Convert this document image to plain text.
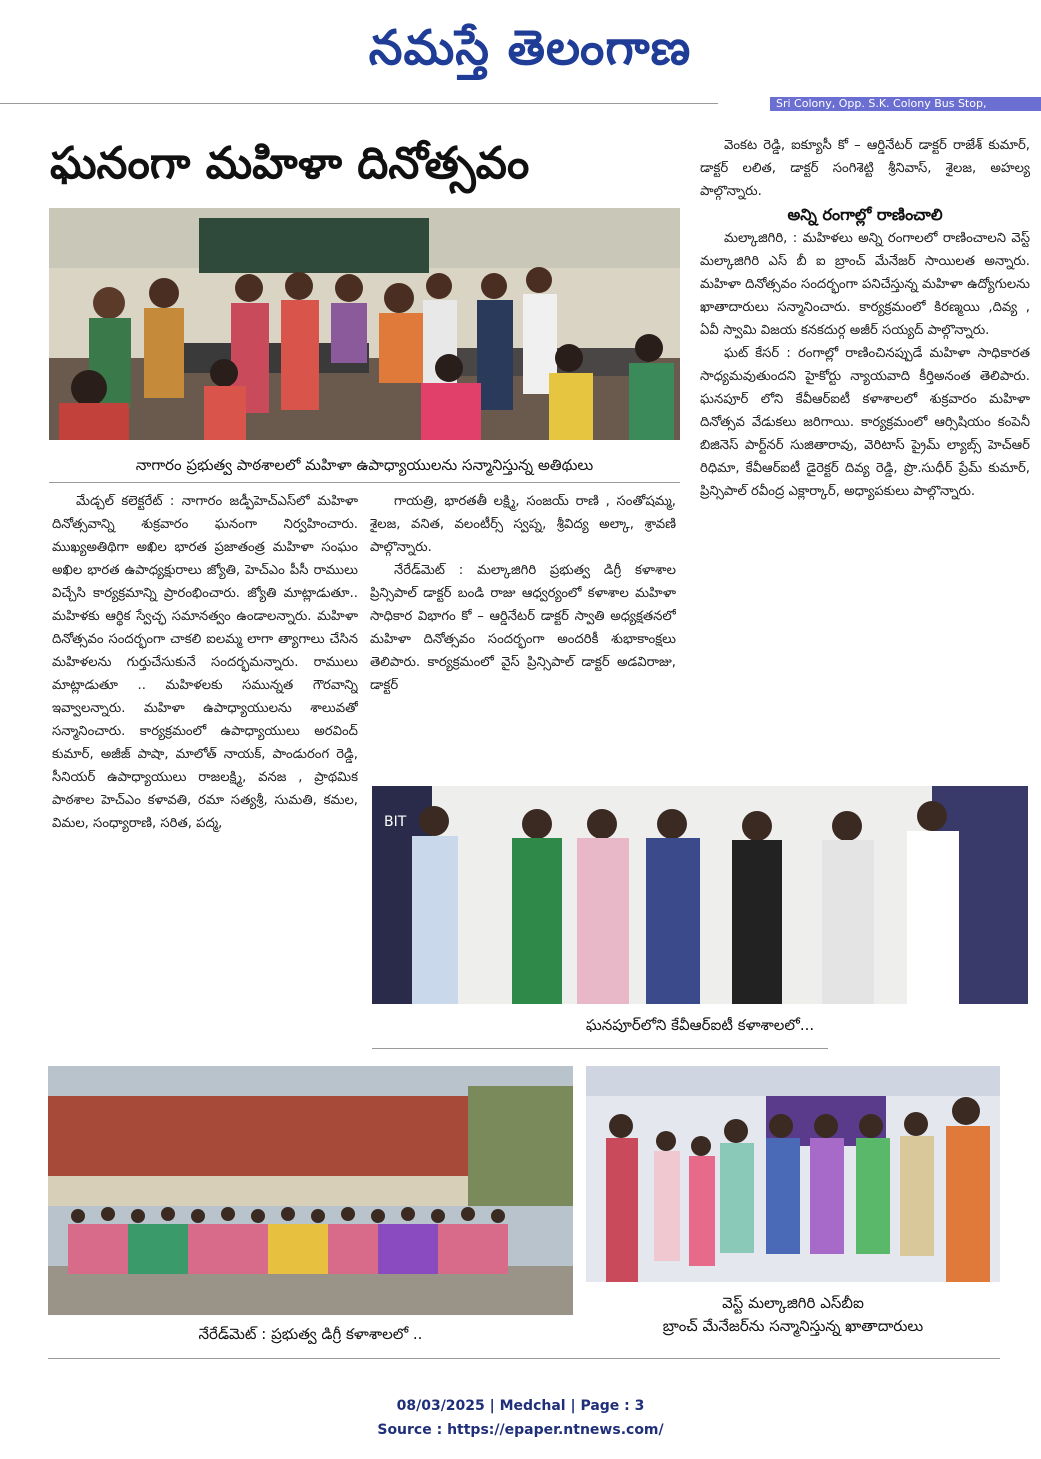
నమస్తే తెలంగాణ
Sri Colony, Opp. S.K. Colony Bus Stop,
ఘనంగా మహిళా దినోత్సవం
నాగారం ప్రభుత్వ పాఠశాలలో మహిళా ఉపాధ్యాయులను సన్మానిస్తున్న అతిథులు

మేడ్చల్‌ కలెక్టరేట్‌ : నాగారం జడ్పీహెచ్‌ఎస్‌లో మహిళా దినోత్సవాన్ని శుక్రవారం ఘనంగా నిర్వహించారు. ముఖ్యఅతిథిగా అఖిల భారత ప్రజాతంత్ర మహిళా సంఘం అఖిల భారత ఉపాధ్యక్షురాలు జ్యోతి, హెచ్‌ఎం పీసీ రాములు విచ్చేసి కార్యక్రమాన్ని ప్రారంభించారు. జ్యోతి మాట్లాడుతూ.. మహిళకు ఆర్థిక స్వేచ్ఛ సమానత్వం ఉండాలన్నారు. మహిళా దినోత్సవం సందర్భంగా చాకలి ఐలమ్మ లాగా త్యాగాలు చేసిన మహిళలను గుర్తుచేసుకునే సందర్భమన్నారు. రాములు మాట్లాడుతూ .. మహిళలకు సమున్నత గౌరవాన్ని ఇవ్వాలన్నారు. మహిళా ఉపాధ్యాయులను శాలువతో సన్మానించారు. కార్యక్రమంలో ఉపాధ్యాయులు అరవింద్‌ కుమార్‌, అజీజ్‌ పాషా, మాలోత్‌ నాయక్‌, పాండురంగ రెడ్డి, సీనియర్‌ ఉపాధ్యాయులు రాజలక్ష్మి, వనజ , ప్రాథమిక పాఠశాల హెచ్‌ఎం కళావతి, రమా సత్యశ్రీ, సుమతి, కమల, విమల, సంధ్యారాణి, సరిత, పద్మ,

గాయత్రి, భారతతీ లక్ష్మి, సంజయ్‌ రాణి , సంతోషమ్మ, శైలజ, వనిత, వలంటీర్స్‌ స్వప్న, శ్రీవిద్య అల్కా, శ్రావణి పాల్గొన్నారు.

నేరేడ్‌మెట్‌ : మల్కాజిగిరి ప్రభుత్వ డిగ్రీ కళాశాల ప్రిన్సిపాల్‌ డాక్టర్‌ బండి రాజు ఆధ్వర్యంలో కళాశాల మహిళా సాధికార విభాగం కో – ఆర్డినేటర్‌ డాక్టర్‌ స్వాతి అధ్యక్షతనలో మహిళా దినోత్సవం సందర్భంగా అందరికీ శుభాకాంక్షలు తెలిపారు. కార్యక్రమంలో వైస్‌ ప్రిన్సిపాల్‌ డాక్టర్‌ అడవిరాజు, డాక్టర్‌

వెంకట రెడ్డి, ఐక్యూసీ కో – ఆర్డినేటర్‌ డాక్టర్‌ రాజేశ్‌ కుమార్‌, డాక్టర్‌ లలిత, డాక్టర్‌ సంగిశెట్టి శ్రీనివాస్‌, శైలజ, అహల్య పాల్గొన్నారు.

అన్ని రంగాల్లో రాణించాలి

మల్కాజిగిరి, : మహిళలు అన్ని రంగాలలో రాణించాలని వెస్ట్‌ మల్కాజిగిరి ఎస్‌ బీ ఐ బ్రాంచ్‌ మేనేజర్‌ సాయిలత అన్నారు. మహిళా దినోత్సవం సందర్భంగా పనిచేస్తున్న మహిళా ఉద్యోగులను ఖాతాదారులు సన్మానించారు. కార్యక్రమంలో కిరణ్మయి ,దివ్య , ఏవీ స్వామి విజయ కనకదుర్గ అజీర్‌ సయ్యద్‌ పాల్గొన్నారు.

ఘట్‌ కేసర్‌ : రంగాల్లో రాణించినప్పుడే మహిళా సాధికారత సాధ్యమవుతుందని హైకోర్టు న్యాయవాది కీర్తిఅనంత తెలిపారు. ఘనపూర్‌ లోని కేవీఆర్‌ఐటీ కళాశాలలో శుక్రవారం మహిళా దినోత్సవ వేడుకలు జరిగాయి. కార్యక్రమంలో ఆర్సిషియం కంపెనీ బిజినెస్‌ పార్ట్‌నర్‌ సుజితారావు, వెరిటాస్‌ ప్రైమ్‌ ల్యాబ్స్‌ హెచ్‌ఆర్‌ రిధిమా, కేవీఆర్‌ఐటీ డైరెక్టర్‌ దివ్య రెడ్డి, ప్రొ.సుధీర్‌ ప్రేమ్‌ కుమార్‌, ప్రిన్సిపాల్‌ రవీంద్ర ఎక్లార్కార్‌, అధ్యాపకులు పాల్గొన్నారు.

BIT
ఘనపూర్‌లోని కేవీఆర్‌ఐటీ కళాశాలలో...
నేరేడ్‌మెట్‌ : ప్రభుత్వ డిగ్రీ కళాశాలలో ..
వెస్ట్‌ మల్కాజిగిరి ఎస్‌బీఐ
బ్రాంచ్‌ మేనేజర్‌ను సన్మానిస్తున్న ఖాతాదారులు
08/03/2025 | Medchal | Page : 3
Source : https://epaper.ntnews.com/
